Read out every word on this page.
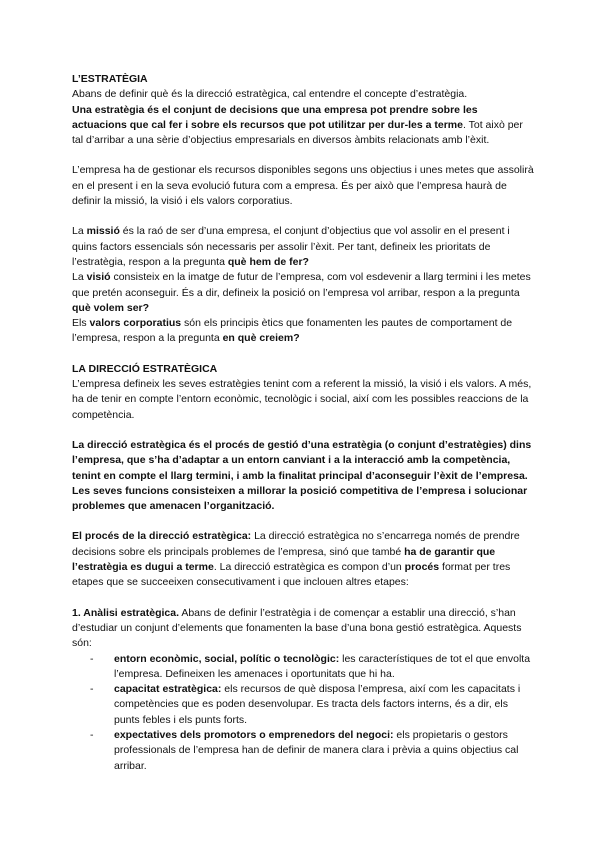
L’ESTRATÈGIA

Abans de definir què és la direcció estratègica, cal entendre el concepte d’estratègia.
Una estratègia és el conjunt de decisions que una empresa pot prendre sobre les actuacions que cal fer i sobre els recursos que pot utilitzar per dur-les a terme. Tot això per tal d’arribar a una sèrie d’objectius empresarials en diversos àmbits relacionats amb l’èxit.

L’empresa ha de gestionar els recursos disponibles segons uns objectius i unes metes que assolirà en el present i en la seva evolució futura com a empresa. És per això que l’empresa haurà de definir la missió, la visió i els valors corporatius.

La missió és la raó de ser d’una empresa, el conjunt d’objectius que vol assolir en el present i quins factors essencials són necessaris per assolir l’èxit. Per tant, defineix les prioritats de l’estratègia, respon a la pregunta què hem de fer?

La visió consisteix en la imatge de futur de l’empresa, com vol esdevenir a llarg termini i les metes que pretén aconseguir. És a dir, defineix la posició on l’empresa vol arribar, respon a la pregunta què volem ser?

Els valors corporatius són els principis ètics que fonamenten les pautes de comportament de l’empresa, respon a la pregunta en què creiem?

LA DIRECCIÓ ESTRATÈGICA

L’empresa defineix les seves estratègies tenint com a referent la missió, la visió i els valors. A més, ha de tenir en compte l’entorn econòmic, tecnològic i social, així com les possibles reaccions de la competència.

La direcció estratègica és el procés de gestió d’una estratègia (o conjunt d’estratègies) dins l’empresa, que s’ha d’adaptar a un entorn canviant i a la interacció amb la competència, tenint en compte el llarg termini, i amb la finalitat principal d’aconseguir l’èxit de l’empresa. Les seves funcions consisteixen a millorar la posició competitiva de l’empresa i solucionar problemes que amenacen l’organització.

El procés de la direcció estratègica: La direcció estratègica no s’encarrega només de prendre decisions sobre els principals problemes de l’empresa, sinó que també ha de garantir que l’estratègia es dugui a terme. La direcció estratègica es compon d’un procés format per tres etapes que se succeeixen consecutivament i que inclouen altres etapes:

1. Anàlisi estratègica. Abans de definir l’estratègia i de començar a establir una direcció, s’han d’estudiar un conjunt d’elements que fonamenten la base d’una bona gestió estratègica. Aquests són:

- entorn econòmic, social, polític o tecnològic: les característiques de tot el que envolta l’empresa. Defineixen les amenaces i oportunitats que hi ha.
- capacitat estratègica: els recursos de què disposa l’empresa, així com les capacitats i competències que es poden desenvolupar. Es tracta dels factors interns, és a dir, els punts febles i els punts forts.
- expectatives dels promotors o emprenedors del negoci: els propietaris o gestors professionals de l’empresa han de definir de manera clara i prèvia a quins objectius cal arribar.
